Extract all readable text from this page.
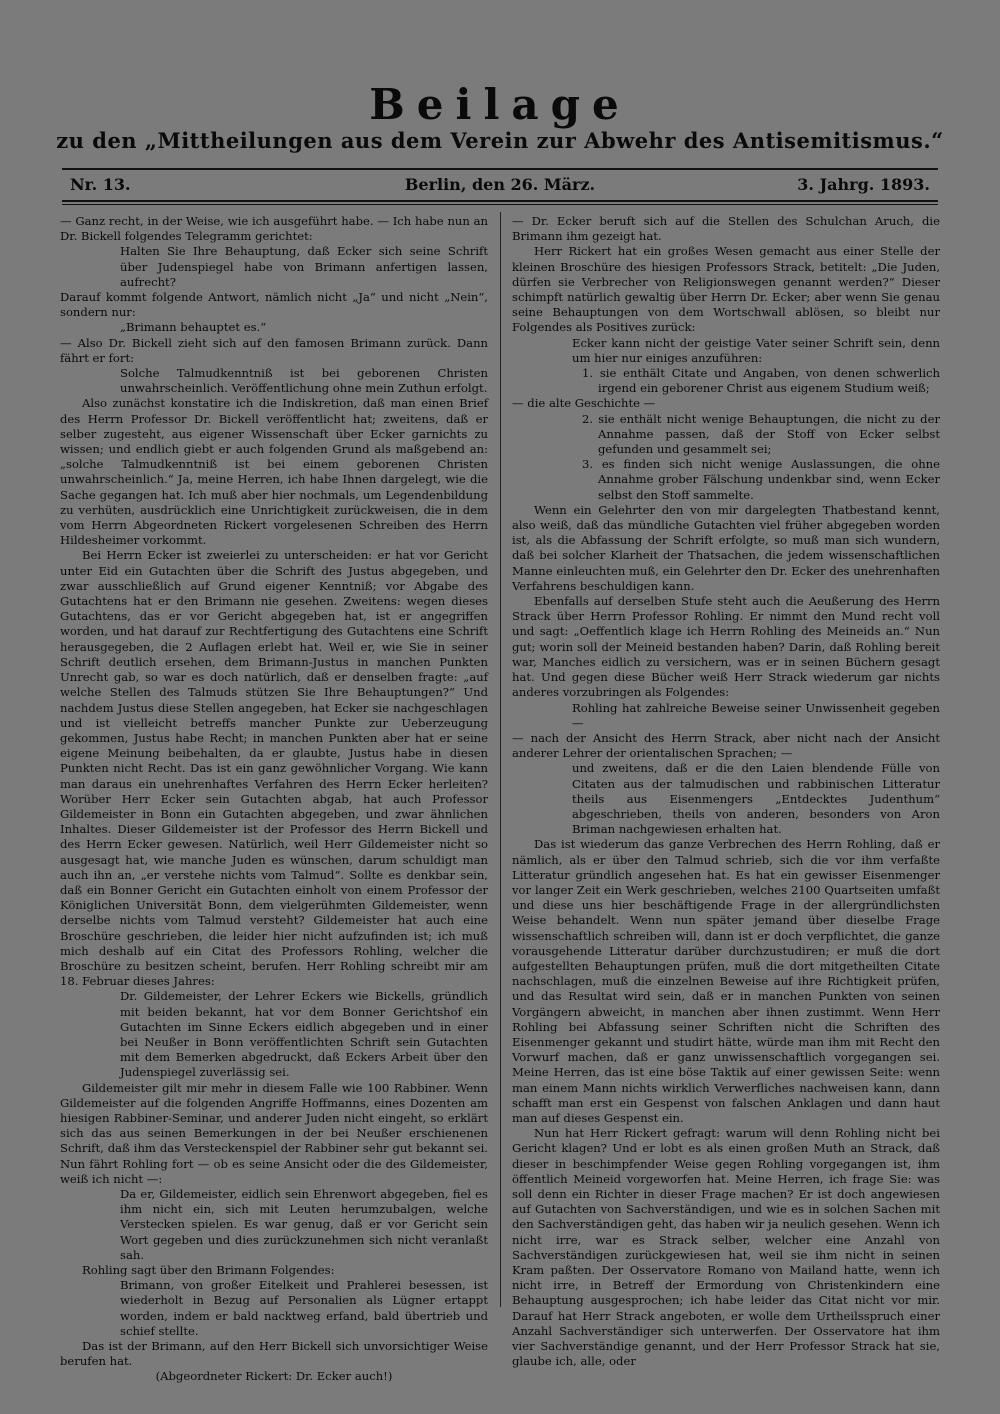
Beilage
zu den „Mittheilungen aus dem Verein zur Abwehr des Antisemitismus.“
Nr. 13.	Berlin, den 26. März.	3. Jahrg. 1893.

— Ganz recht, in der Weise, wie ich ausgeführt habe. — Ich habe nun an Dr. Bickell folgendes Telegramm gerichtet:

Halten Sie Ihre Behauptung, daß Ecker sich seine Schrift über Judenspiegel habe von Brimann anfertigen lassen, aufrecht?

Darauf kommt folgende Antwort, nämlich nicht „Ja“ und nicht „Nein“, sondern nur:

„Brimann behauptet es.“

— Also Dr. Bickell zieht sich auf den famosen Brimann zurück. Dann fährt er fort:

Solche Talmudkenntniß ist bei geborenen Christen unwahrscheinlich. Veröffentlichung ohne mein Zuthun erfolgt.

Also zunächst konstatire ich die Indiskretion, daß man einen Brief des Herrn Professor Dr. Bickell veröffentlicht hat; zweitens, daß er selber zugesteht, aus eigener Wissenschaft über Ecker garnichts zu wissen; und endlich giebt er auch folgenden Grund als maßgebend an: „solche Talmudkenntniß ist bei einem geborenen Christen unwahrscheinlich.“ Ja, meine Herren, ich habe Ihnen dargelegt, wie die Sache gegangen hat. Ich muß aber hier nochmals, um Legendenbildung zu verhüten, ausdrücklich eine Unrichtigkeit zurückweisen, die in dem vom Herrn Abgeordneten Rickert vorgelesenen Schreiben des Herrn Hildesheimer vorkommt.

Bei Herrn Ecker ist zweierlei zu unterscheiden: er hat vor Gericht unter Eid ein Gutachten über die Schrift des Justus abgegeben, und zwar ausschließlich auf Grund eigener Kenntniß; vor Abgabe des Gutachtens hat er den Brimann nie gesehen. Zweitens: wegen dieses Gutachtens, das er vor Gericht abgegeben hat, ist er angegriffen worden, und hat darauf zur Rechtfertigung des Gutachtens eine Schrift herausgegeben, die 2 Auflagen erlebt hat. Weil er, wie Sie in seiner Schrift deutlich ersehen, dem Brimann-Justus in manchen Punkten Unrecht gab, so war es doch natürlich, daß er denselben fragte: „auf welche Stellen des Talmuds stützen Sie Ihre Behauptungen?“ Und nachdem Justus diese Stellen angegeben, hat Ecker sie nachgeschlagen und ist vielleicht betreffs mancher Punkte zur Ueberzeugung gekommen, Justus habe Recht; in manchen Punkten aber hat er seine eigene Meinung beibehalten, da er glaubte, Justus habe in diesen Punkten nicht Recht. Das ist ein ganz gewöhnlicher Vorgang. Wie kann man daraus ein unehrenhaftes Verfahren des Herrn Ecker herleiten? Worüber Herr Ecker sein Gutachten abgab, hat auch Professor Gildemeister in Bonn ein Gutachten abgegeben, und zwar ähnlichen Inhaltes. Dieser Gildemeister ist der Professor des Herrn Bickell und des Herrn Ecker gewesen. Natürlich, weil Herr Gildemeister nicht so ausgesagt hat, wie manche Juden es wünschen, darum schuldigt man auch ihn an, „er verstehe nichts vom Talmud“. Sollte es denkbar sein, daß ein Bonner Gericht ein Gutachten einholt von einem Professor der Königlichen Universität Bonn, dem vielgerühmten Gildemeister, wenn derselbe nichts vom Talmud versteht? Gildemeister hat auch eine Broschüre geschrieben, die leider hier nicht aufzufinden ist; ich muß mich deshalb auf ein Citat des Professors Rohling, welcher die Broschüre zu besitzen scheint, berufen. Herr Rohling schreibt mir am 18. Februar dieses Jahres:

Dr. Gildemeister, der Lehrer Eckers wie Bickells, gründlich mit beiden bekannt, hat vor dem Bonner Gerichtshof ein Gutachten im Sinne Eckers eidlich abgegeben und in einer bei Neußer in Bonn veröffentlichten Schrift sein Gutachten mit dem Bemerken abgedruckt, daß Eckers Arbeit über den Judenspiegel zuverlässig sei.

Gildemeister gilt mir mehr in diesem Falle wie 100 Rabbiner. Wenn Gildemeister auf die folgenden Angriffe Hoffmanns, eines Dozenten am hiesigen Rabbiner-Seminar, und anderer Juden nicht eingeht, so erklärt sich das aus seinen Bemerkungen in der bei Neußer erschienenen Schrift, daß ihm das Versteckenspiel der Rabbiner sehr gut bekannt sei. Nun fährt Rohling fort — ob es seine Ansicht oder die des Gildemeister, weiß ich nicht —:

Da er, Gildemeister, eidlich sein Ehrenwort abgegeben, fiel es ihm nicht ein, sich mit Leuten herumzubalgen, welche Verstecken spielen. Es war genug, daß er vor Gericht sein Wort gegeben und dies zurückzunehmen sich nicht veranlaßt sah.

Rohling sagt über den Brimann Folgendes:

Brimann, von großer Eitelkeit und Prahlerei besessen, ist wiederholt in Bezug auf Personalien als Lügner ertappt worden, indem er bald nacktweg erfand, bald übertrieb und schief stellte.

Das ist der Brimann, auf den Herr Bickell sich unvorsichtiger Weise berufen hat.

(Abgeordneter Rickert: Dr. Ecker auch!)

— Dr. Ecker beruft sich auf die Stellen des Schulchan Aruch, die Brimann ihm gezeigt hat.

Herr Rickert hat ein großes Wesen gemacht aus einer Stelle der kleinen Broschüre des hiesigen Professors Strack, betitelt: „Die Juden, dürfen sie Verbrecher von Religionswegen genannt werden?“ Dieser schimpft natürlich gewaltig über Herrn Dr. Ecker; aber wenn Sie genau seine Behauptungen von dem Wortschwall ablösen, so bleibt nur Folgendes als Positives zurück:

Ecker kann nicht der geistige Vater seiner Schrift sein, denn um hier nur einiges anzuführen:

1. sie enthält Citate und Angaben, von denen schwerlich irgend ein geborener Christ aus eigenem Studium weiß;

— die alte Geschichte —

2. sie enthält nicht wenige Behauptungen, die nicht zu der Annahme passen, daß der Stoff von Ecker selbst gefunden und gesammelt sei;

3. es finden sich nicht wenige Auslassungen, die ohne Annahme grober Fälschung undenkbar sind, wenn Ecker selbst den Stoff sammelte.

Wenn ein Gelehrter den von mir dargelegten Thatbestand kennt, also weiß, daß das mündliche Gutachten viel früher abgegeben worden ist, als die Abfassung der Schrift erfolgte, so muß man sich wundern, daß bei solcher Klarheit der Thatsachen, die jedem wissenschaftlichen Manne einleuchten muß, ein Gelehrter den Dr. Ecker des unehrenhaften Verfahrens beschuldigen kann.

Ebenfalls auf derselben Stufe steht auch die Aeußerung des Herrn Strack über Herrn Professor Rohling. Er nimmt den Mund recht voll und sagt: „Oeffentlich klage ich Herrn Rohling des Meineids an.“ Nun gut; worin soll der Meineid bestanden haben? Darin, daß Rohling bereit war, Manches eidlich zu versichern, was er in seinen Büchern gesagt hat. Und gegen diese Bücher weiß Herr Strack wiederum gar nichts anderes vorzubringen als Folgendes:

Rohling hat zahlreiche Beweise seiner Unwissenheit gegeben —

— nach der Ansicht des Herrn Strack, aber nicht nach der Ansicht anderer Lehrer der orientalischen Sprachen; —

und zweitens, daß er die den Laien blendende Fülle von Citaten aus der talmudischen und rabbinischen Litteratur theils aus Eisenmengers „Entdecktes Judenthum“ abgeschrieben, theils von anderen, besonders von Aron Briman nachgewiesen erhalten hat.

Das ist wiederum das ganze Verbrechen des Herrn Rohling, daß er nämlich, als er über den Talmud schrieb, sich die vor ihm verfaßte Litteratur gründlich angesehen hat. Es hat ein gewisser Eisenmenger vor langer Zeit ein Werk geschrieben, welches 2100 Quartseiten umfaßt und diese uns hier beschäftigende Frage in der allergründlichsten Weise behandelt. Wenn nun später jemand über dieselbe Frage wissenschaftlich schreiben will, dann ist er doch verpflichtet, die ganze vorausgehende Litteratur darüber durchzustudiren; er muß die dort aufgestellten Behauptungen prüfen, muß die dort mitgetheilten Citate nachschlagen, muß die einzelnen Beweise auf ihre Richtigkeit prüfen, und das Resultat wird sein, daß er in manchen Punkten von seinen Vorgängern abweicht, in manchen aber ihnen zustimmt. Wenn Herr Rohling bei Abfassung seiner Schriften nicht die Schriften des Eisenmenger gekannt und studirt hätte, würde man ihm mit Recht den Vorwurf machen, daß er ganz unwissenschaftlich vorgegangen sei. Meine Herren, das ist eine böse Taktik auf einer gewissen Seite: wenn man einem Mann nichts wirklich Verwerfliches nachweisen kann, dann schafft man erst ein Gespenst von falschen Anklagen und dann haut man auf dieses Gespenst ein.

Nun hat Herr Rickert gefragt: warum will denn Rohling nicht bei Gericht klagen? Und er lobt es als einen großen Muth an Strack, daß dieser in beschimpfender Weise gegen Rohling vorgegangen ist, ihm öffentlich Meineid vorgeworfen hat. Meine Herren, ich frage Sie: was soll denn ein Richter in dieser Frage machen? Er ist doch angewiesen auf Gutachten von Sachverständigen, und wie es in solchen Sachen mit den Sachverständigen geht, das haben wir ja neulich gesehen. Wenn ich nicht irre, war es Strack selber, welcher eine Anzahl von Sachverständigen zurückgewiesen hat, weil sie ihm nicht in seinen Kram paßten. Der Osservatore Romano von Mailand hatte, wenn ich nicht irre, in Betreff der Ermordung von Christenkindern eine Behauptung ausgesprochen; ich habe leider das Citat nicht vor mir. Darauf hat Herr Strack angeboten, er wolle dem Urtheilsspruch einer Anzahl Sachverständiger sich unterwerfen. Der Osservatore hat ihm vier Sachverständige genannt, und der Herr Professor Strack hat sie, glaube ich, alle, oder
